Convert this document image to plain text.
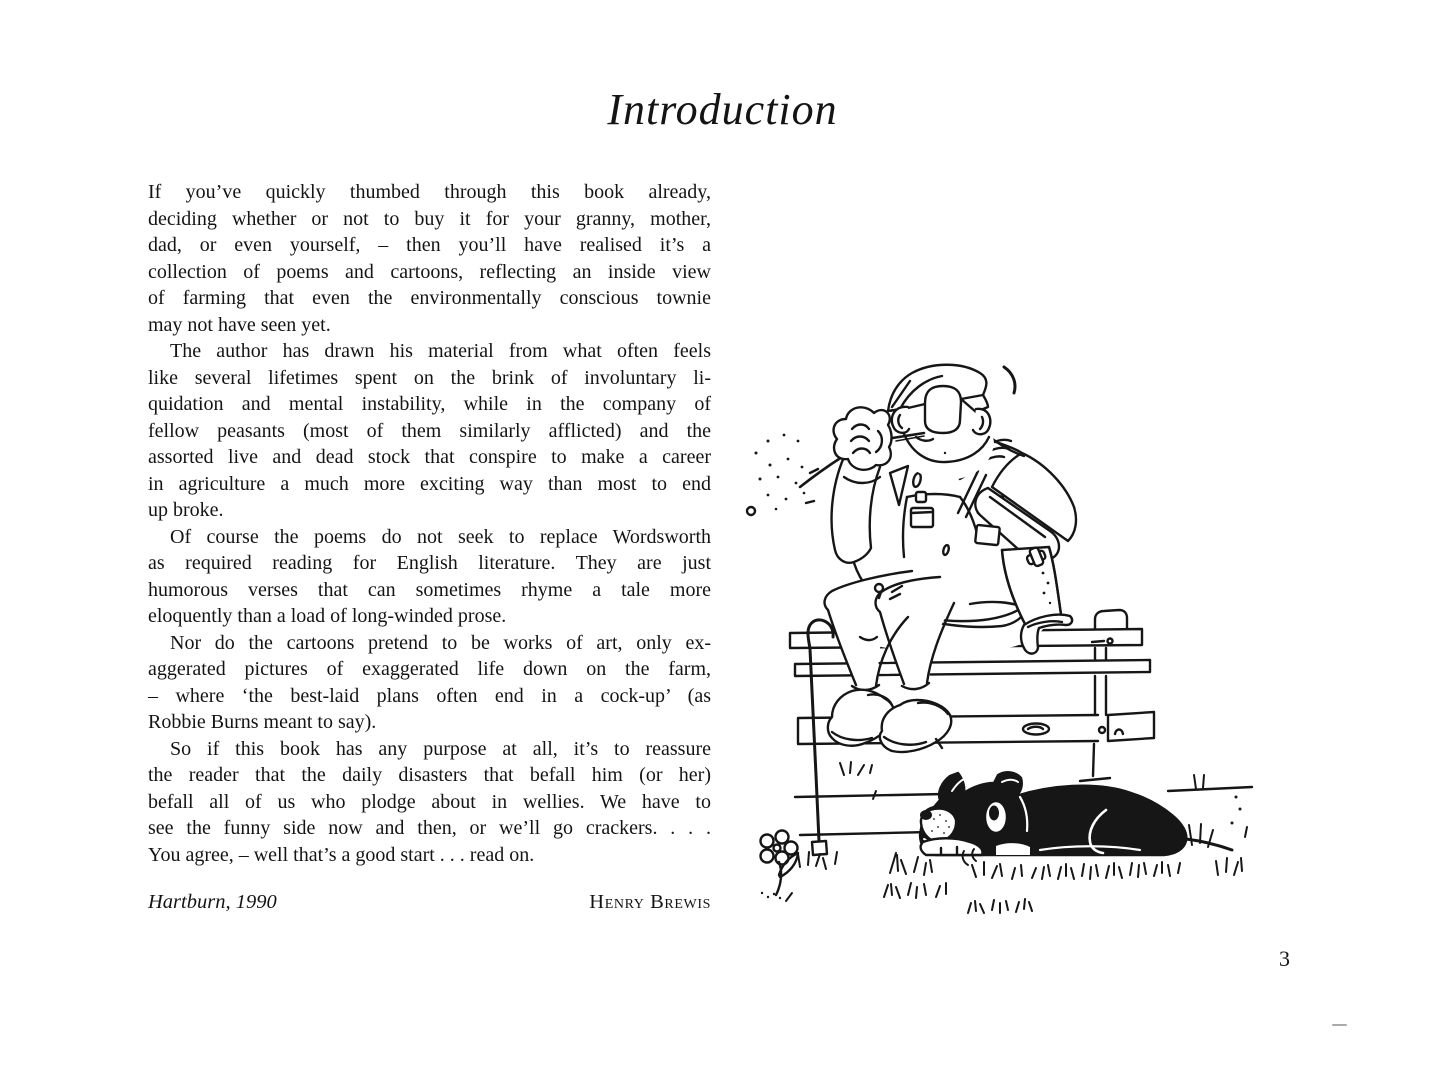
Introduction
If you’ve quickly thumbed through this book already,
deciding whether or not to buy it for your granny, mother,
dad, or even yourself, – then you’ll have realised it’s a
collection of poems and cartoons, reflecting an inside view
of farming that even the environmentally conscious townie
may not have seen yet.
The author has drawn his material from what often feels
like several lifetimes spent on the brink of involuntary li-
quidation and mental instability, while in the company of
fellow peasants (most of them similarly afflicted) and the
assorted live and dead stock that conspire to make a career
in agriculture a much more exciting way than most to end
up broke.
Of course the poems do not seek to replace Wordsworth
as required reading for English literature. They are just
humorous verses that can sometimes rhyme a tale more
eloquently than a load of long-winded prose.
Nor do the cartoons pretend to be works of art, only ex-
aggerated pictures of exaggerated life down on the farm,
– where ‘the best-laid plans often end in a cock-up’ (as
Robbie Burns meant to say).
So if this book has any purpose at all, it’s to reassure
the reader that the daily disasters that befall him (or her)
befall all of us who plodge about in wellies. We have to
see the funny side now and then, or we’ll go crackers. . . .
You agree, – well that’s a good start . . . read on.
Hartburn, 1990	Henry Brewis
3
